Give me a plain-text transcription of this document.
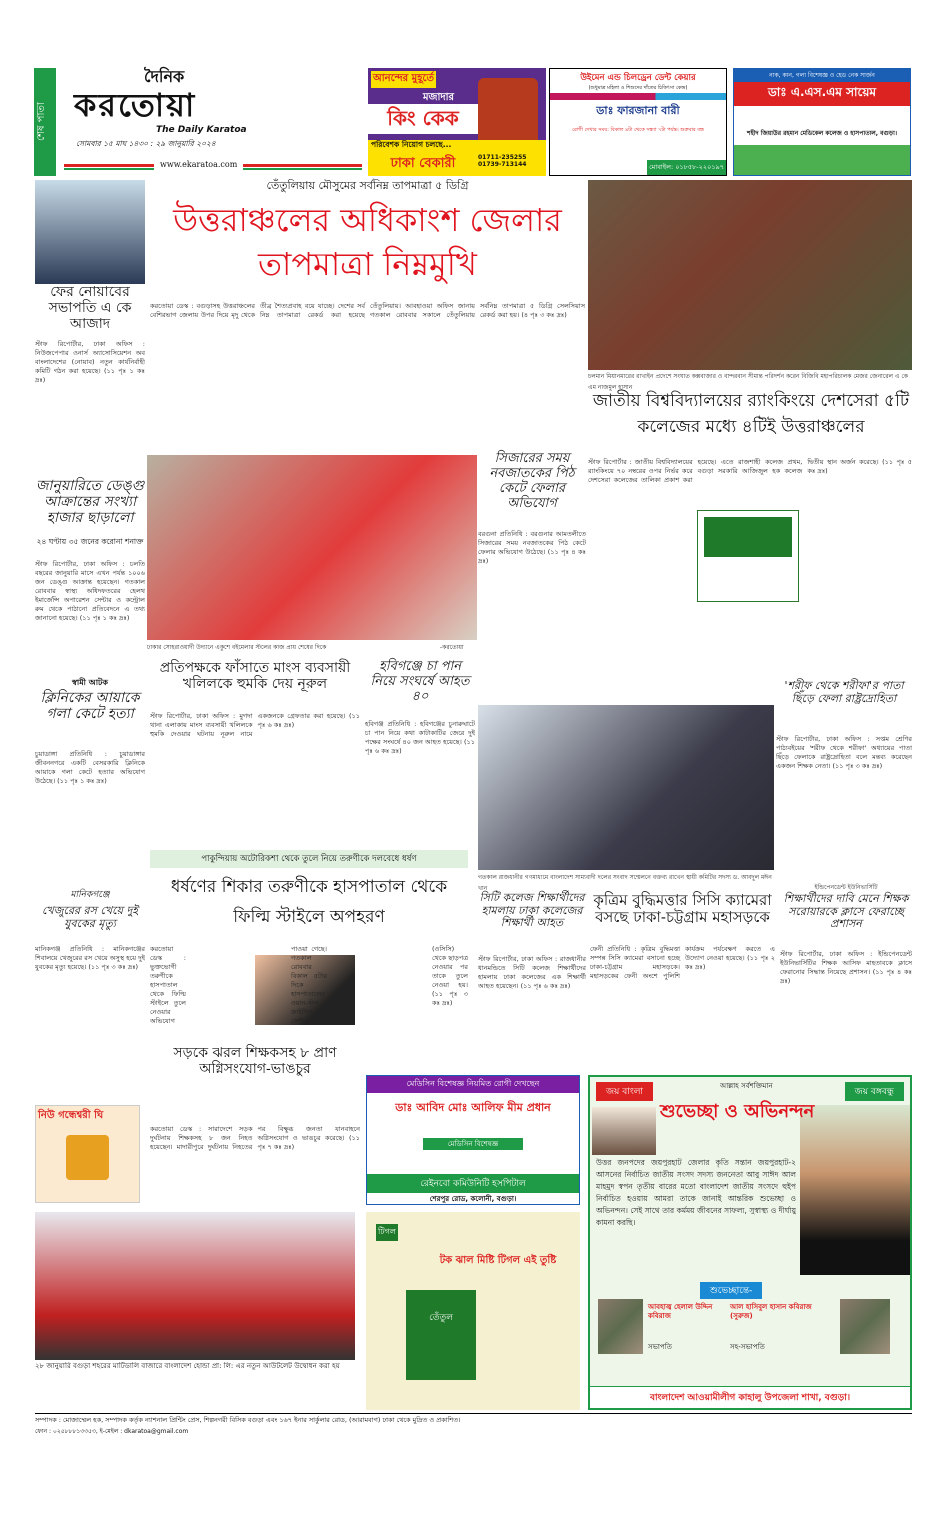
শেষ পাতা
দৈনিক
করতোয়া
The Daily Karatoa
সোমবার ১৫ মাঘ ১৪৩০ : ২৯ জানুয়ারি ২০২৪
www.ekaratoa.com
আনন্দের মুহূর্তে
মজাদার
কিং কেক
পরিবেশক নিয়োগ চলছে...
ঢাকা বেকারী	01711-235255 01739-713144
উইমেন এন্ড চিলড্রেন ডেন্ট কেয়ার
(শুধুমাত্র মহিলা ও শিশুদের দাঁতের চিকিৎসা কেন্দ্র)
ডাঃ ফারজানা বারী
রোগী দেখার সময়: বিকাল ৪টা থেকে সন্ধ্যা ৭টা পর্যন্ত। শুক্রবার বন্ধ
মোবাইল: ০১৮৫৮-২২০১৯৭
নাক, কান, গলা বিশেষজ্ঞ ও হেড নেক সার্জন
ডাঃ এ.এস.এম সায়েম
শহীদ জিয়াউর রহমান মেডিকেল কলেজ ও হাসপাতাল, বগুড়া।
ফের নোয়াবের সভাপতি এ কে আজাদ
স্টাফ রিপোর্টার, ঢাকা অফিস : নিউজপেপার ওনার্স অ্যাসোসিয়েশন অব বাংলাদেশের (নোয়াব) নতুন কার্যনির্বাহী কমিটি গঠন করা হয়েছে। (১১ পৃঃ ১ কঃ দ্রঃ)
জানুয়ারিতে ডেঙ্গু আক্রান্তের সংখ্যা হাজার ছাড়ালো
২৪ ঘণ্টায় ৩৫ জনের করোনা শনাক্ত
স্টাফ রিপোর্টার, ঢাকা অফিস : চলতি বছরের জানুয়ারি মাসে এখন পর্যন্ত ১০০৬ জন ডেঙ্গু আক্রান্ত হয়েছেন। গতকাল রোববার স্বাস্থ্য অধিদফতরের হেলথ ইমার্জেন্সি অপারেশন সেন্টার ও কন্ট্রোল রুম থেকে পাঠানো প্রতিবেদনে এ তথ্য জানানো হয়েছে। (১১ পৃঃ ১ কঃ দ্রঃ)
স্বামী আটক
ক্লিনিকের আয়াকে গলা কেটে হত্যা
চুয়াডাঙ্গা প্রতিনিধি : চুয়াডাঙ্গার জীবননগরে একটি বেসরকারি ক্লিনিকে আয়াকে গলা কেটে হত্যার অভিযোগ উঠেছে। (১১ পৃঃ ১ কঃ দ্রঃ)
মানিকগঞ্জে
খেজুরের রস খেয়ে দুই যুবকের মৃত্যু
মানিকগঞ্জ প্রতিনিধি : মানিকগঞ্জের শিবালয়ে খেজুরের রস খেয়ে অসুস্থ হয়ে দুই যুবকের মৃত্যু হয়েছে। (১১ পৃঃ ৩ কঃ দ্রঃ)
তেঁতুলিয়ায় মৌসুমের সর্বনিম্ন তাপমাত্রা ৫ ডিগ্রি
উত্তরাঞ্চলের অধিকাংশ জেলার তাপমাত্রা নিম্নমুখি
করতোয়া ডেস্ক : বগুড়াসহ উত্তরাঞ্চলের বেশিরভাগ জেলায় উপর দিয়ে মৃদু থেকে তীব্র শৈত্যপ্রবাহ বয়ে যাচ্ছে। দেশের সর্ব নিম্ন তাপমাত্রা রেকর্ড করা হয়েছে তেঁতুলিয়ায়। আবহাওয়া অফিস জানায় গতকাল রোববার সকালে তেঁতুলিয়ায় সর্বনিম্ন তাপমাত্রা ৫ ডিগ্রি সেলসিয়াস রেকর্ড করা হয়। (৪ পৃঃ ৩ কঃ দ্রঃ)
চলমান মিয়ানমারের রাখাইন প্রদেশে সংঘাত কক্সবাজার ও বান্দরবান সীমান্ত পরিদর্শন করেন বিজিবি মহাপরিচালক মেজর জেনারেল এ কে এম নাজমুল হাসান
জাতীয় বিশ্ববিদ্যালয়ের র‍্যাংকিংয়ে দেশসেরা ৫টি কলেজের মধ্যে ৪টিই উত্তরাঞ্চলের
স্টাফ রিপোর্টার : জাতীয় বিশ্ববিদ্যালয়ের র‍্যাংকিংয়ে ৭০ নম্বরের ওপর নির্ভর করে দেশসেরা কলেজের তালিকা প্রকাশ করা হয়েছে। এতে রাজশাহী কলেজ প্রথম, বগুড়া সরকারি আজিজুল হক কলেজ দ্বিতীয় স্থান অর্জন করেছে। (১১ পৃঃ ৫ কঃ দ্রঃ)
ঢাকার সোহরাওয়ার্দী উদ্যানে একুশে বইমেলার স্টলের কাজ প্রায় শেষের দিকে	-করতোয়া
সিজারের সময় নবজাতকের পিঠ কেটে ফেলার অভিযোগ
বরগুনা প্রতিনিধি : বরগুনার আমতলীতে সিজারের সময় নবজাতকের পিঠ কেটে ফেলার অভিযোগ উঠেছে। (১১ পৃঃ ৪ কঃ দ্রঃ)
প্রতিপক্ষকে ফাঁসাতে মাংস ব্যবসায়ী খলিলকে হুমকি দেয় নূরুল
স্টাফ রিপোর্টার, ঢাকা অফিস : মুগদা থানা এলাকায় মাংস ব্যবসায়ী খলিলকে হুমকি দেওয়ার ঘটনায় নূরুল নামে একজনকে গ্রেফতার করা হয়েছে। (১১ পৃঃ ৬ কঃ দ্রঃ)
হবিগঞ্জে চা পান নিয়ে সংঘর্ষে আহত ৪০
হবিগঞ্জ প্রতিনিধি : হবিগঞ্জের চুনারুঘাটে চা পান নিয়ে কথা কাটাকাটির জেরে দুই পক্ষের সংঘর্ষে ৪০ জন আহত হয়েছে। (১১ পৃঃ ৬ কঃ দ্রঃ)
গতকাল রাজধানীর গণমাধ্যমে বাংলাদেশ সাম্যবাদী দলের সংবাদ সম্মেলনে বক্তব্য রাখেন স্থায়ী কমিটির সদস্য ড. আবদুল মঈন খান
'শরীফ থেকে শরীফা'র পাতা ছিঁড়ে ফেলা রাষ্ট্রদ্রোহিতা
স্টাফ রিপোর্টার, ঢাকা অফিস : সপ্তম শ্রেণির পাঠ্যবইয়ের 'শরীফ থেকে শরীফা' অধ্যায়ের পাতা ছিঁড়ে ফেলাকে রাষ্ট্রদ্রোহিতা বলে মন্তব্য করেছেন একজন শিক্ষক নেতা। (১১ পৃঃ ৩ কঃ দ্রঃ)
পাকুন্দিয়ায় অটোরিকশা থেকে তুলে নিয়ে তরুণীকে দলবেধে ধর্ষণ
ধর্ষণের শিকার তরুণীকে হাসপাতাল থেকে ফিল্মি স্টাইলে অপহরণ
করতোয়া ডেস্ক : ভুক্তভোগী তরুণীকে হাসপাতাল থেকে ফিল্মি স্টাইলে তুলে নেওয়ার অভিযোগ পাওয়া গেছে। গতকাল রোববার বিকাল ৫টার দিকে হাসপাতালের ওয়ান-স্টপ ক্রাইসিস সেন্টার (ওসিসি) থেকে ছাড়পত্র নেওয়ার পর তাকে তুলে নেওয়া হয়। (১১ পৃঃ ৩ কঃ দ্রঃ)
সিটি কলেজ শিক্ষার্থীদের হামলায় ঢাকা কলেজের শিক্ষার্থী আহত
স্টাফ রিপোর্টার, ঢাকা অফিস : রাজধানীর ধানমন্ডিতে সিটি কলেজ শিক্ষার্থীদের হামলায় ঢাকা কলেজের এক শিক্ষার্থী আহত হয়েছেন। (১১ পৃঃ ৬ কঃ দ্রঃ)
কৃত্রিম বুদ্ধিমত্তার সিসি ক্যামেরা বসছে ঢাকা-চট্টগ্রাম মহাসড়কে
ফেনী প্রতিনিধি : কৃত্রিম বুদ্ধিমত্তা সম্পন্ন সিসি ক্যামেরা বসানো হচ্ছে ঢাকা-চট্টগ্রাম মহাসড়কে। মহাসড়কের ফেনী অংশে পুলিশি কার্যক্রম পর্যবেক্ষণ করতে এ উদ্যোগ নেওয়া হয়েছে। (১১ পৃঃ ২ কঃ দ্রঃ)
ইন্ডিপেনডেন্ট ইউনিভার্সিটি
শিক্ষার্থীদের দাবি মেনে শিক্ষক সরোয়ারকে ক্লাসে ফেরাচ্ছে প্রশাসন
স্টাফ রিপোর্টার, ঢাকা অফিস : ইন্ডিপেনডেন্ট ইউনিভার্সিটির শিক্ষক আসিফ মাহতাবকে ক্লাসে ফেরানোর সিদ্ধান্ত নিয়েছে প্রশাসন। (১১ পৃঃ ৪ কঃ দ্রঃ)
সড়কে ঝরল শিক্ষকসহ ৮ প্রাণ অগ্নিসংযোগ-ভাঙচুর
করতোয়া ডেস্ক : সারাদেশে সড়ক দুর্ঘটনায় শিক্ষকসহ ৮ জন নিহত হয়েছেন। মাদারীপুরে দুর্ঘটনায় নিহতের পর বিক্ষুব্ধ জনতা যানবাহনে অগ্নিসংযোগ ও ভাঙচুর করেছে। (১১ পৃঃ ৭ কঃ দ্রঃ)
নিউ গন্ধেশ্বরী ঘি
মেডিসিন বিশেষজ্ঞ নিয়মিত রোগী দেখছেন
ডাঃ আবিদ মোঃ আলিফ মীম প্রধান
মেডিসিন বিশেষজ্ঞ
রেইনবো কমিউনিটি হসপিটাল
শেরপুর রোড, কলোনী, বগুড়া।
২৮ জানুয়ারি বগুড়া শহরের মাটিডালি বাজারে বাংলাদেশ হোন্ডা প্রা: লি: এর নতুন আউটলেট উদ্বোধন করা হয়
টিগল
টক ঝাল মিষ্টি টিগল এই তুষ্টি
তেঁতুল
জয় বাংলা
আল্লাহ সর্বশক্তিমান
জয় বঙ্গবন্ধু
শুভেচ্ছা ও অভিনন্দন
উত্তর জনপদের জয়পুরহাট জেলার কৃতি সন্তান জয়পুরহাট-২ আসনের নির্বাচিত জাতীয় সংসদ সদস্য জননেতা আবু সাঈদ আল মাহমুদ স্বপন তৃতীয় বারের মতো বাংলাদেশ জাতীয় সংসদে হুইপ নির্বাচিত হওয়ায় আমরা তাকে জানাই আন্তরিক শুভেচ্ছা ও অভিনন্দন। সেই সাথে তার কর্মময় জীবনের সাফল্য, সুস্বাস্থ্য ও দীর্ঘায়ু কামনা করছি।
শুভেচ্ছান্তে-
আবহাজ্ব হেলাল উদ্দিন কবিরাজ
সভাপতি
আল হাসিবুল হাসান কবিরাজ (সুরুজ)
সহ-সভাপতি
বাংলাদেশ আওয়ামীলীগ কাহালু উপজেলা শাখা, বগুড়া।
সম্পাদক : মোজাম্মেল হক, সম্পাদক কর্তৃক ন্যাশনাল প্রিন্টিং প্রেস, শিল্পনগরী বিসিক বগুড়া এবং ১৬৭ ইনার সার্কুলার রোড, (আরামবাগ) ঢাকা থেকে মুদ্রিত ও প্রকাশিত।
ফোন : ০২৫৮৮৮১৩৩৫৩, ই-মেইল : dkaratoa@gmail.com
